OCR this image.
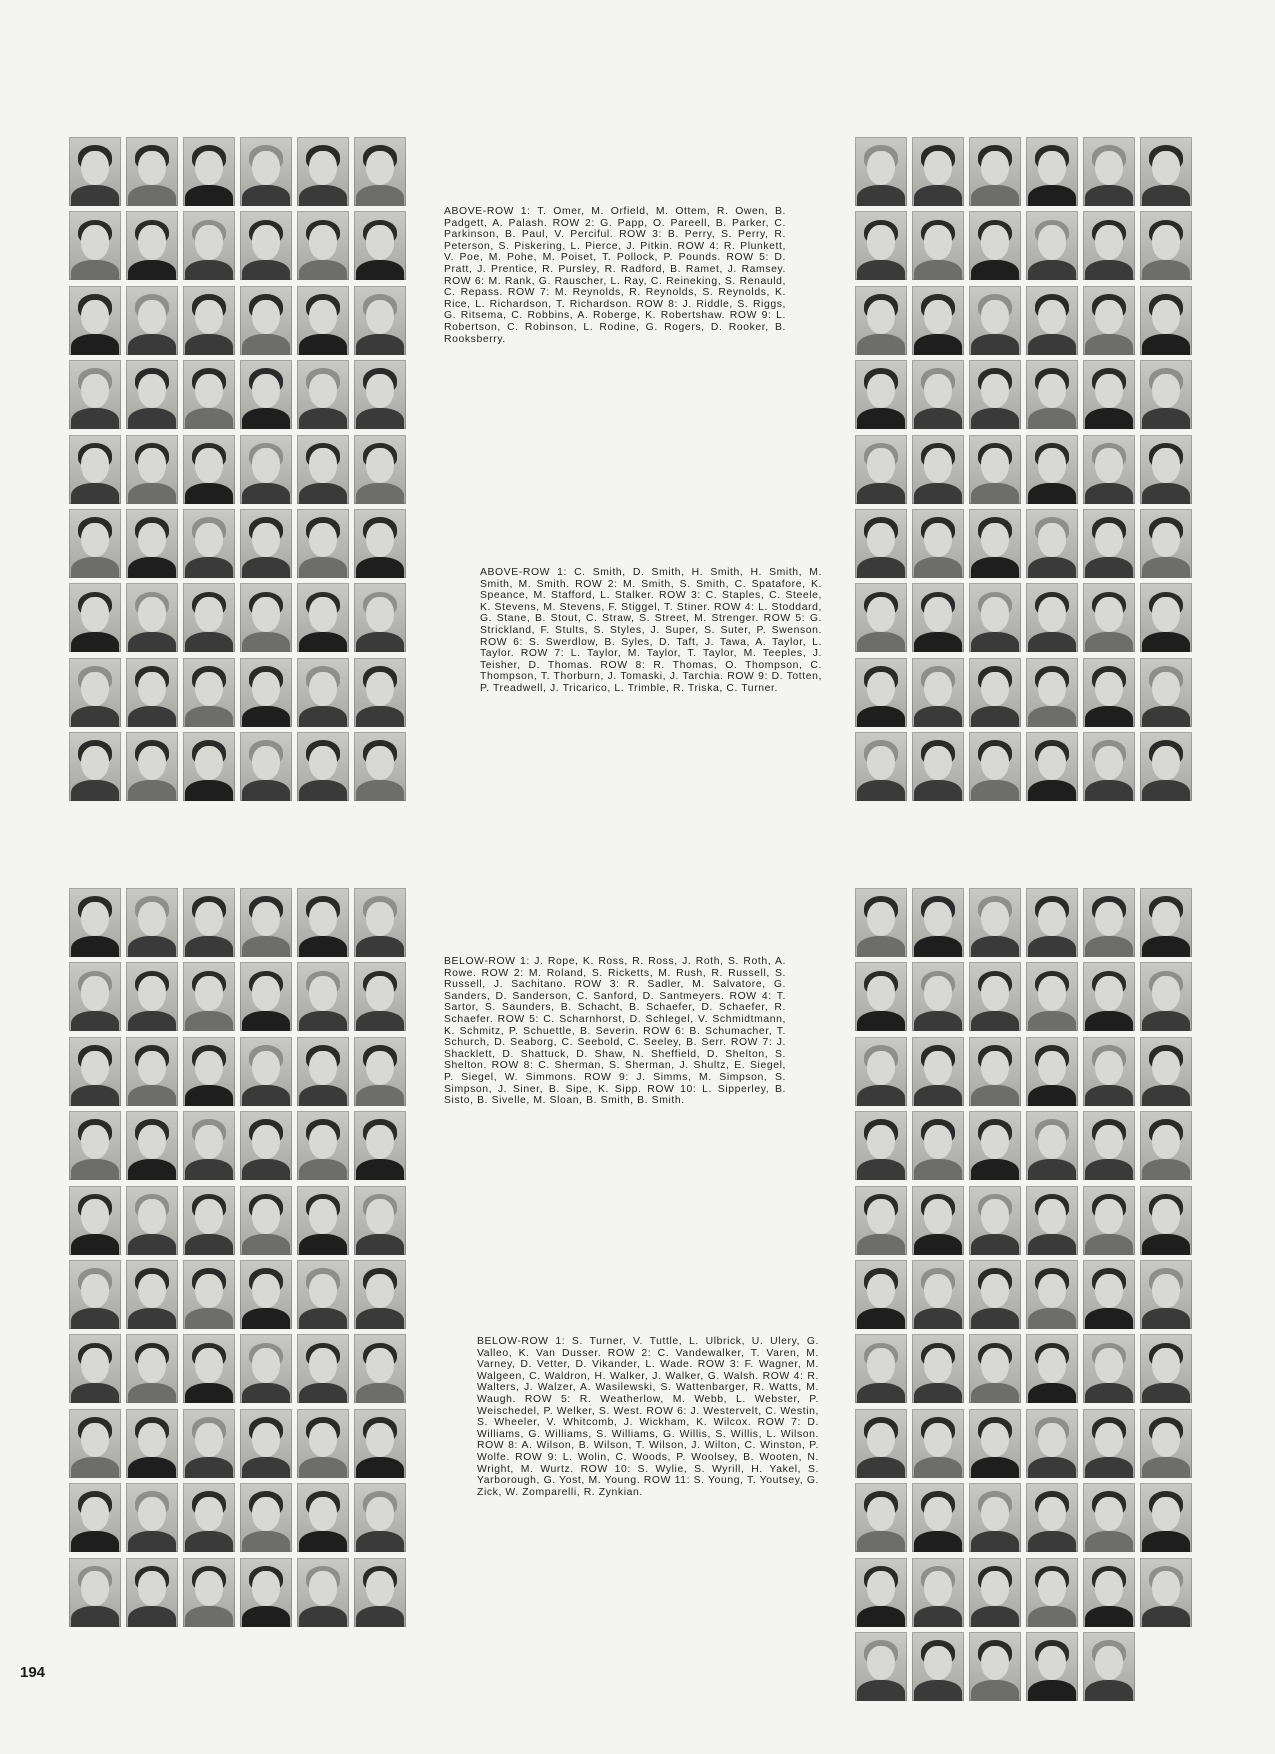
ABOVE-ROW 1: T. Omer, M. Orfield, M. Ottem, R. Owen, B. Padgett, A. Palash. ROW 2: G. Papp, O. Pareell, B. Parker, C. Parkinson, B. Paul, V. Perciful. ROW 3: B. Perry, S. Perry, R. Peterson, S. Piskering, L. Pierce, J. Pitkin. ROW 4: R. Plunkett, V. Poe, M. Pohe, M. Poiset, T. Pollock, P. Pounds. ROW 5: D. Pratt, J. Prentice, R. Pursley, R. Radford, B. Ramet, J. Ramsey. ROW 6: M. Rank, G. Rauscher, L. Ray, C. Reineking, S. Renauld, C. Repass. ROW 7: M. Reynolds, R. Reynolds, S. Reynolds, K. Rice, L. Richardson, T. Richardson. ROW 8: J. Riddle, S. Riggs, G. Ritsema, C. Robbins, A. Roberge, K. Robertshaw. ROW 9: L. Robertson, C. Robinson, L. Rodine, G. Rogers, D. Rooker, B. Rooksberry.

ABOVE-ROW 1: C. Smith, D. Smith, H. Smith, H. Smith, M. Smith, M. Smith. ROW 2: M. Smith, S. Smith, C. Spatafore, K. Speance, M. Stafford, L. Stalker. ROW 3: C. Staples, C. Steele, K. Stevens, M. Stevens, F. Stiggel, T. Stiner. ROW 4: L. Stoddard, G. Stane, B. Stout, C. Straw, S. Street, M. Strenger. ROW 5: G. Strickland, F. Stults, S. Styles, J. Super, S. Suter, P. Swenson. ROW 6: S. Swerdlow, B. Syles, D. Taft, J. Tawa, A. Taylor, L. Taylor. ROW 7: L. Taylor, M. Taylor, T. Taylor, M. Teeples, J. Teisher, D. Thomas. ROW 8: R. Thomas, O. Thompson, C. Thompson, T. Thorburn, J. Tomaski, J. Tarchia. ROW 9: D. Totten, P. Treadwell, J. Tricarico, L. Trimble, R. Triska, C. Turner.

BELOW-ROW 1: J. Rope, K. Ross, R. Ross, J. Roth, S. Roth, A. Rowe. ROW 2: M. Roland, S. Ricketts, M. Rush, R. Russell, S. Russell, J. Sachitano. ROW 3: R. Sadler, M. Salvatore, G. Sanders, D. Sanderson, C. Sanford, D. Santmeyers. ROW 4: T. Sartor, S. Saunders, B. Schacht, B. Schaefer, D. Schaefer, R. Schaefer. ROW 5: C. Scharnhorst, D. Schlegel, V. Schmidtmann, K. Schmitz, P. Schuettle, B. Severin. ROW 6: B. Schumacher, T. Schurch, D. Seaborg, C. Seebold, C. Seeley, B. Serr. ROW 7: J. Shacklett, D. Shattuck, D. Shaw, N. Sheffield, D. Shelton, S. Shelton. ROW 8: C. Sherman, S. Sherman, J. Shultz, E. Siegel, P. Siegel, W. Simmons. ROW 9: J. Simms, M. Simpson, S. Simpson, J. Siner, B. Sipe, K. Sipp. ROW 10: L. Sipperley, B. Sisto, B. Sivelle, M. Sloan, B. Smith, B. Smith.

BELOW-ROW 1: S. Turner, V. Tuttle, L. Ulbrick, U. Ulery, G. Valleo, K. Van Dusser. ROW 2: C. Vandewalker, T. Varen, M. Varney, D. Vetter, D. Vikander, L. Wade. ROW 3: F. Wagner, M. Walgeen, C. Waldron, H. Walker, J. Walker, G. Walsh. ROW 4: R. Walters, J. Walzer, A. Wasilewski, S. Wattenbarger, R. Watts, M. Waugh. ROW 5: R. Weatherlow, M. Webb, L. Webster, P. Weischedel, P. Welker, S. West. ROW 6: J. Westervelt, C. Westin, S. Wheeler, V. Whitcomb, J. Wickham, K. Wilcox. ROW 7: D. Williams, G. Williams, S. Williams, G. Willis, S. Willis, L. Wilson. ROW 8: A. Wilson, B. Wilson, T. Wilson, J. Wilton, C. Winston, P. Wolfe. ROW 9: L. Wolin, C. Woods, P. Woolsey, B. Wooten, N. Wright, M. Wurtz. ROW 10: S. Wylie, S. Wyrill, H. Yakel, S. Yarborough, G. Yost, M. Young. ROW 11: S. Young, T. Youtsey, G. Zick, W. Zomparelli, R. Zynkian.

194
